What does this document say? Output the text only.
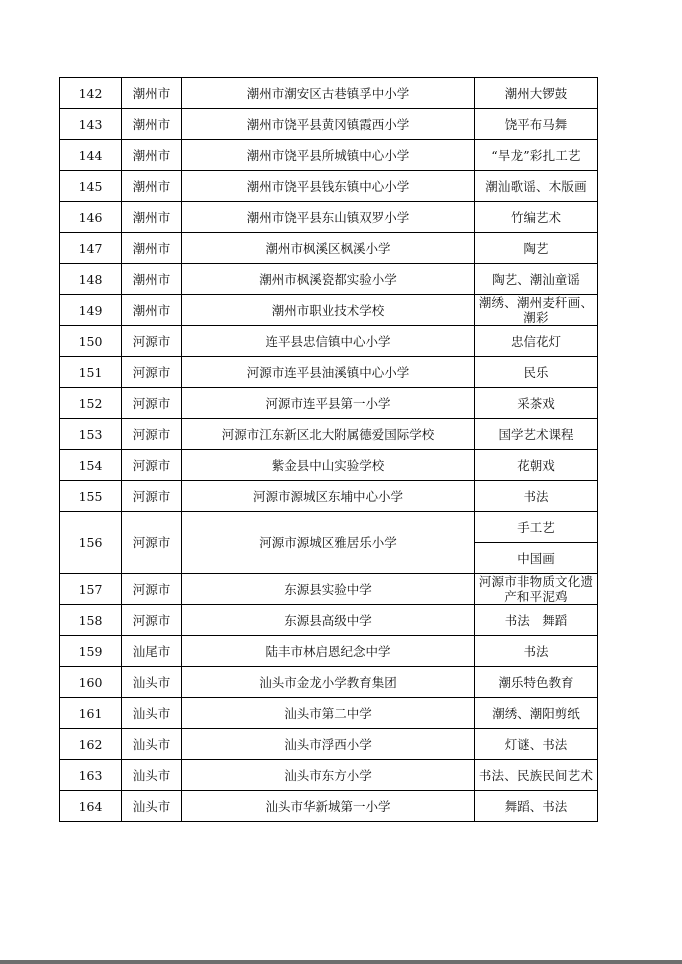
142	潮州市	潮州市潮安区古巷镇孚中小学	潮州大锣鼓
143	潮州市	潮州市饶平县黄冈镇霞西小学	饶平布马舞
144	潮州市	潮州市饶平县所城镇中心小学	“旱龙”彩扎工艺
145	潮州市	潮州市饶平县钱东镇中心小学	潮汕歌谣、木版画
146	潮州市	潮州市饶平县东山镇双罗小学	竹编艺术
147	潮州市	潮州市枫溪区枫溪小学	陶艺
148	潮州市	潮州市枫溪瓷都实验小学	陶艺、潮汕童谣
149	潮州市	潮州市职业技术学校	潮绣、潮州麦秆画、潮彩
150	河源市	连平县忠信镇中心小学	忠信花灯
151	河源市	河源市连平县油溪镇中心小学	民乐
152	河源市	河源市连平县第一小学	采茶戏
153	河源市	河源市江东新区北大附属德爱国际学校	国学艺术课程
154	河源市	紫金县中山实验学校	花朝戏
155	河源市	河源市源城区东埔中心小学	书法
156	河源市	河源市源城区雅居乐小学	手工艺
			中国画
157	河源市	东源县实验中学	河源市非物质文化遗产和平泥鸡
158	河源市	东源县高级中学	书法　舞蹈
159	汕尾市	陆丰市林启恩纪念中学	书法
160	汕头市	汕头市金龙小学教育集团	潮乐特色教育
161	汕头市	汕头市第二中学	潮绣、潮阳剪纸
162	汕头市	汕头市浮西小学	灯谜、书法
163	汕头市	汕头市东方小学	书法、民族民间艺术
164	汕头市	汕头市华新城第一小学	舞蹈、书法
